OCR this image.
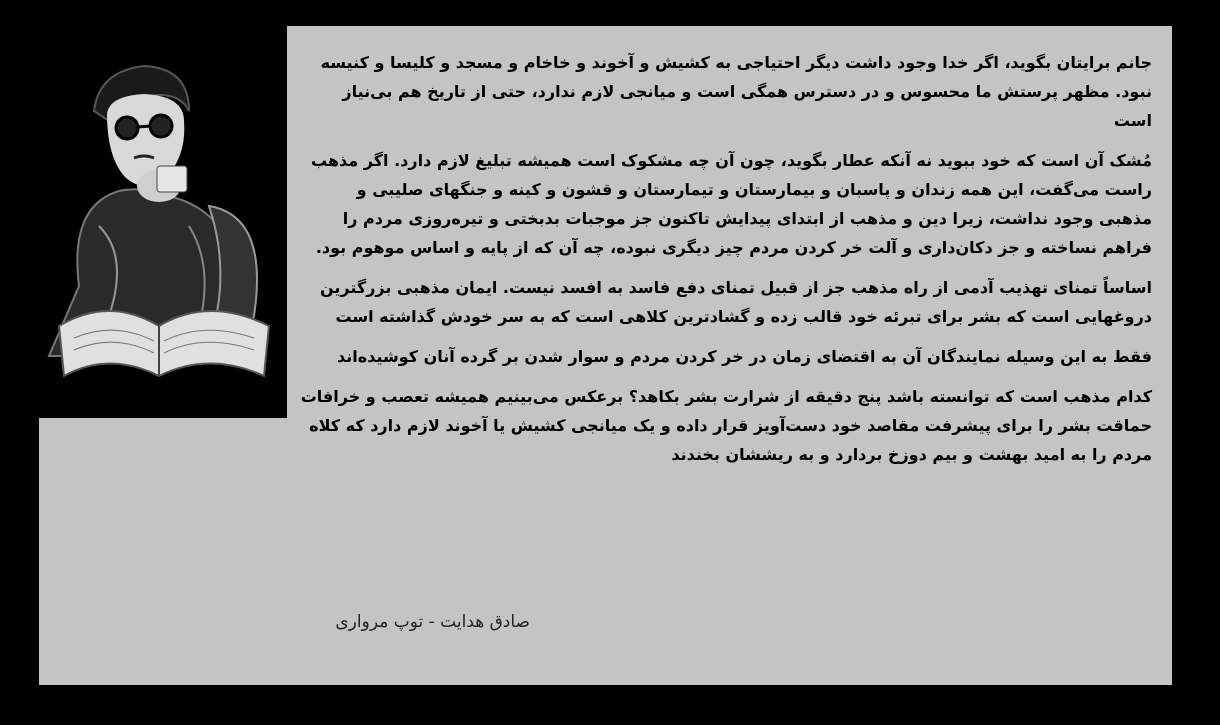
جانم برایتان بگوید، اگر خدا وجود داشت دیگر احتیاجی به کشیش و آخوند و خاخام و مسجد و کلیسا و کنیسه نبود. مظهر پرستش ما محسوس و در دسترس همگی است و میانجی لازم ندارد، حتی از تاریخ هم بی‌نیاز است

مُشک آن است که خود ببوید نه آنکه عطار بگوید، چون آن چه مشکوک است همیشه تبلیغ لازم دارد. اگر مذهب راست می‌گفت، این همه زندان و پاسبان و بیمارستان و تیمارستان و قشون و کینه و جنگهای صلیبی و مذهبی وجود نداشت، زیرا دین و مذهب از ابتدای پیدایش تاکنون جز موجبات بدبختی و تیره‌روزی مردم را فراهم نساخته و جز دکان‌داری و آلت خر کردن مردم چیز دیگری نبوده، چه آن که از پایه و اساس موهوم بود.

اساساً تمنای تهذیب آدمی از راه مذهب جز از قبیل تمنای دفع فاسد به افسد نیست. ایمان مذهبی بزرگترین دروغهایی است که بشر برای تبرئه خود قالب زده و گشادترین کلاهی است که به سر خودش گذاشته است

فقط به این وسیله نمایندگان آن به اقتضای زمان در خر کردن مردم و سوار شدن بر گرده آنان کوشیده‌اند

کدام مذهب است که توانسته باشد پنج دقیقه از شرارت بشر بکاهد؟ برعکس می‌بینیم همیشه تعصب و خرافات حماقت بشر را برای پیشرفت مقاصد خود دست‌آویز قرار داده و یک میانجی کشیش یا آخوند لازم دارد که کلاه مردم را به امید بهشت و بیم دوزخ بردارد و به ریششان بخندند

صادق هدایت - توپ مرواری
